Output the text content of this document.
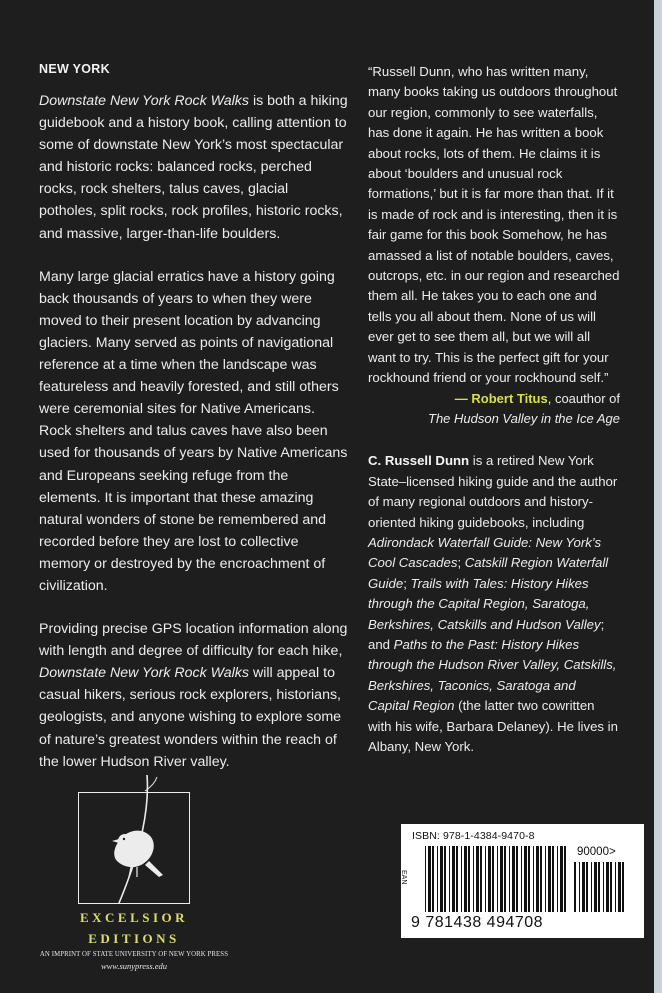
NEW YORK

Downstate New York Rock Walks is both a hiking guidebook and a history book, calling attention to some of downstate New York’s most spectacular and historic rocks: balanced rocks, perched rocks, rock shelters, talus caves, glacial potholes, split rocks, rock profiles, historic rocks, and massive, larger-than-life boulders.

Many large glacial erratics have a history going back thousands of years to when they were moved to their present location by advancing glaciers. Many served as points of navigational reference at a time when the landscape was featureless and heavily forested, and still others were ceremonial sites for Native Americans. Rock shelters and talus caves have also been used for thousands of years by Native Americans and Europeans seeking refuge from the elements. It is important that these amazing natural wonders of stone be remembered and recorded before they are lost to collective memory or destroyed by the encroachment of civilization.

Providing precise GPS location information along with length and degree of difficulty for each hike, Downstate New York Rock Walks will appeal to casual hikers, serious rock explorers, historians, geologists, and anyone wishing to explore some of nature’s greatest wonders within the reach of the lower Hudson River valley.

“Russell Dunn, who has written many, many books taking us outdoors throughout our region, commonly to see waterfalls, has done it again. He has written a book about rocks, lots of them. He claims it is about ‘boulders and unusual rock formations,’ but it is far more than that. If it is made of rock and is interesting, then it is fair game for this book Somehow, he has amassed a list of notable boulders, caves, outcrops, etc. in our region and researched them all. He takes you to each one and tells you all about them. None of us will ever get to see them all, but we will all want to try. This is the perfect gift for your rockhound friend or your rockhound self.”

— Robert Titus, coauthor of
The Hudson Valley in the Ice Age

C. Russell Dunn is a retired New York State–licensed hiking guide and the author of many regional outdoors and history-oriented hiking guidebooks, including Adirondack Waterfall Guide: New York’s Cool Cascades; Catskill Region Waterfall Guide; Trails with Tales: History Hikes through the Capital Region, Saratoga, Berkshires, Catskills and Hudson Valley; and Paths to the Past: History Hikes through the Hudson River Valley, Catskills, Berkshires, Taconics, Saratoga and Capital Region (the latter two cowritten with his wife, Barbara Delaney). He lives in Albany, New York.

EXCELSIOR
EDITIONS
AN IMPRINT OF STATE UNIVERSITY OF NEW YORK PRESS
www.sunypress.edu
ISBN: 978-1-4384-9470-8
EAN
90000>
9 781438 494708
